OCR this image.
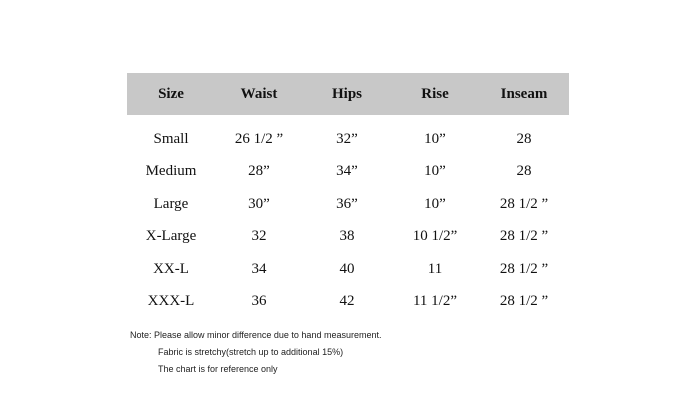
Size	Waist	Hips	Rise	Inseam
Small	26 1/2 ”	32”	10”	28
Medium	28”	34”	10”	28
Large	30”	36”	10”	28 1/2 ”
X-Large	32	38	10 1/2”	28 1/2 ”
XX-L	34	40	11	28 1/2 ”
XXX-L	36	42	11 1/2”	28 1/2 ”
Note: Please allow minor difference due to hand measurement.
Fabric is stretchy(stretch up to additional 15%)
The chart is for reference only
